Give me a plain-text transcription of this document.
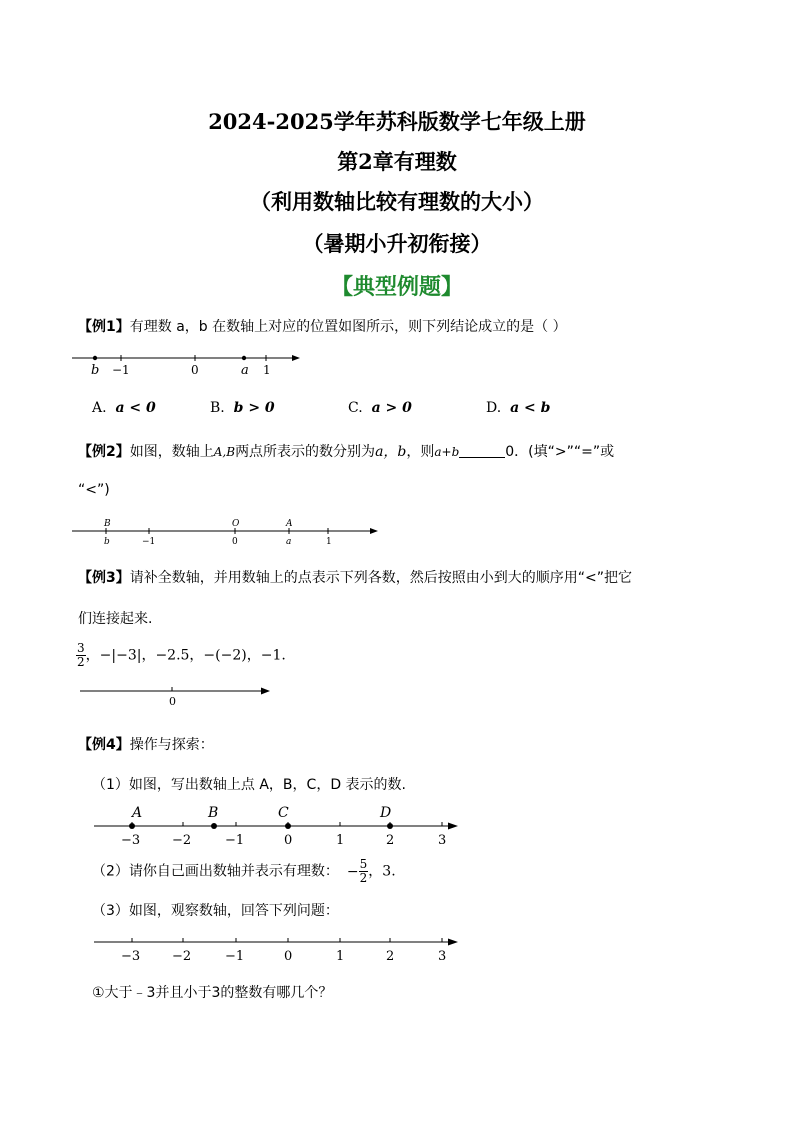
2024-2025学年苏科版数学七年级上册
第2章有理数
（利用数轴比较有理数的大小）
（暑期小升初衔接）
【典型例题】
【例1】有理数 a，b 在数轴上对应的位置如图所示，则下列结论成立的是（ ）
b −1	0	a 1
A. a < 0	B. b > 0	C. a > 0	D. a < b
【例2】如图，数轴上A,B两点所表示的数分别为a，b，则a+b	0．(填“>”“=”或
“<”)
B
b	−1
O
0
A
a	1
【例3】请补全数轴，并用数轴上的点表示下列各数，然后按照由小到大的顺序用“<”把它
们连接起来.
$\frac{3}{2}$ ，−|−3|，−2.5，−(−2)，−1.
0
【例4】操作与探索：
（1）如图，写出数轴上点 A，B，C，D 表示的数.
A	B	C	D
−3 −2	−1	0	1	2	3
（2）请你自己画出数轴并表示有理数： − $\frac{5}{2}$ ，3.
（3）如图，观察数轴，回答下列问题：
−3 −2	−1	0	1	2	3
①大于﹣3并且小于3的整数有哪几个？
